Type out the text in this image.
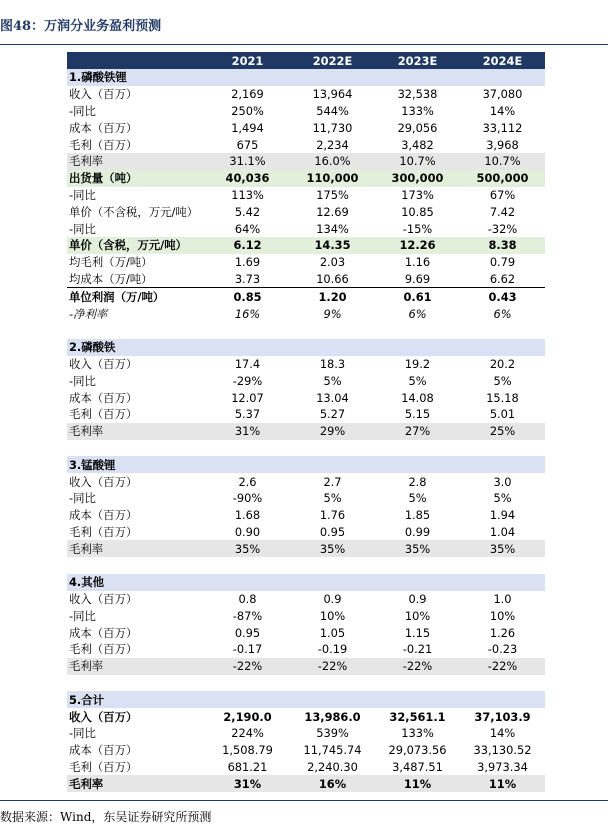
图48：万润分业务盈利预测
	2021	2022E	2023E	2024E
1.磷酸铁锂				
收入（百万）	2,169	13,964	32,538	37,080
-同比	250%	544%	133%	14%
成本（百万）	1,494	11,730	29,056	33,112
毛利（百万）	675	2,234	3,482	3,968
毛利率	31.1%	16.0%	10.7%	10.7%
出货量（吨）	40,036	110,000	300,000	500,000
-同比	113%	175%	173%	67%
单价（不含税，万元/吨）	5.42	12.69	10.85	7.42
-同比	64%	134%	-15%	-32%
单价（含税，万元/吨）	6.12	14.35	12.26	8.38
均毛利（万/吨）	1.69	2.03	1.16	0.79
均成本（万/吨）	3.73	10.66	9.69	6.62
单位利润（万/吨）	0.85	1.20	0.61	0.43
-净利率	16%	9%	6%	6%

2.磷酸铁				
收入（百万）	17.4	18.3	19.2	20.2
-同比	-29%	5%	5%	5%
成本（百万）	12.07	13.04	14.08	15.18
毛利（百万）	5.37	5.27	5.15	5.01
毛利率	31%	29%	27%	25%

3.锰酸锂				
收入（百万）	2.6	2.7	2.8	3.0
-同比	-90%	5%	5%	5%
成本（百万）	1.68	1.76	1.85	1.94
毛利（百万）	0.90	0.95	0.99	1.04
毛利率	35%	35%	35%	35%

4.其他				
收入（百万）	0.8	0.9	0.9	1.0
-同比	-87%	10%	10%	10%
成本（百万）	0.95	1.05	1.15	1.26
毛利（百万）	-0.17	-0.19	-0.21	-0.23
毛利率	-22%	-22%	-22%	-22%

5.合计				
收入（百万）	2,190.0	13,986.0	32,561.1	37,103.9
-同比	224%	539%	133%	14%
成本（百万）	1,508.79	11,745.74	29,073.56	33,130.52
毛利（百万）	681.21	2,240.30	3,487.51	3,973.34
毛利率	31%	16%	11%	11%
数据来源：Wind，东吴证券研究所预测
